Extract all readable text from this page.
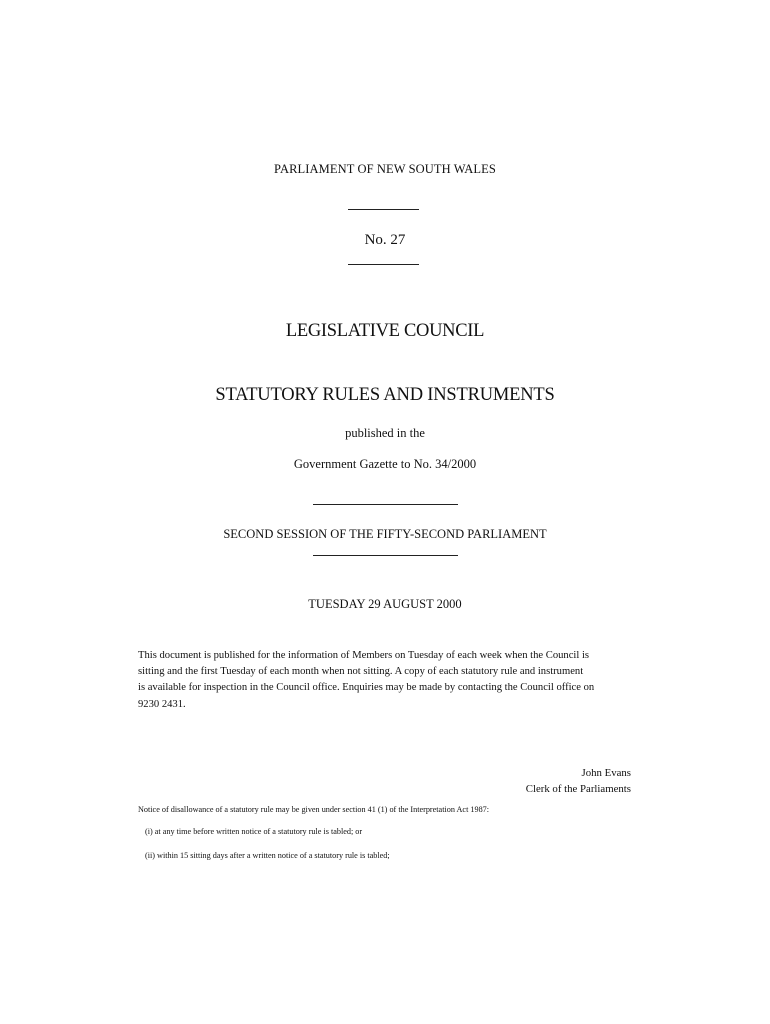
PARLIAMENT OF NEW SOUTH WALES
No. 27
LEGISLATIVE COUNCIL
STATUTORY RULES AND INSTRUMENTS
published in the
Government Gazette to No. 34/2000
SECOND SESSION OF THE FIFTY-SECOND PARLIAMENT
TUESDAY 29 AUGUST 2000
This document is published for the information of Members on Tuesday of each week when the Council is
sitting and the first Tuesday of each month when not sitting. A copy of each statutory rule and instrument
is available for inspection in the Council office. Enquiries may be made by contacting the Council office on
9230 2431.
John Evans
Clerk of the Parliaments
Notice of disallowance of a statutory rule may be given under section 41 (1) of the Interpretation Act 1987:
(i) at any time before written notice of a statutory rule is tabled; or
(ii) within 15 sitting days after a written notice of a statutory rule is tabled;
